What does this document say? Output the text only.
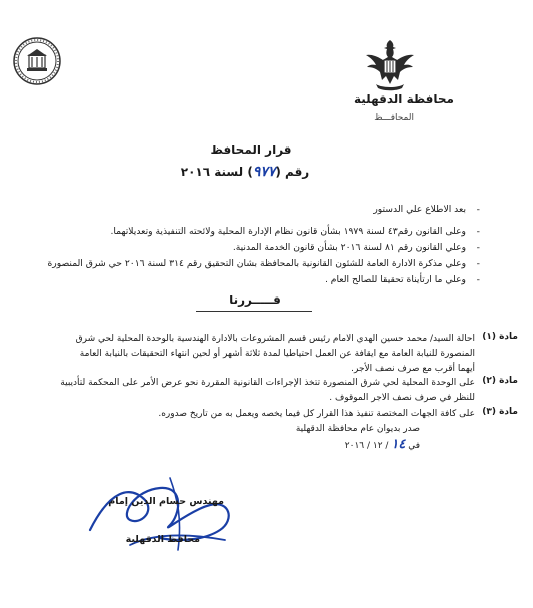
محافظة الدقهلية
المحافـــظ
قرار المحافظ
رقم (٩٧٧) لسنة ٢٠١٦

-
بعد الاطلاع علي الدستور

-
وعلى القانون رقم٤٣ لسنة ١٩٧٩ بشأن قانون نظام الإدارة المحلية ولائحته التنفيذية وتعديلاتهما.

-
وعلي القانون رقم ٨١ لسنة ٢٠١٦ بشأن قانون الخدمة المدنية.

-
وعلي مذكرة الادارة العامة للشئون القانونية بالمحافظة بشان التحقيق رقم ٣١٤ لسنة ٢٠١٦ حي شرق المنصورة

-
وعلي ما ارتأيناة تحقيقا للصالح العام .

قـــــررنا
مادة (١)
احالة السيد/ محمد حسين الهدي الامام رئيس قسم المشروعات بالادارة الهندسية بالوحدة المحلية لحي شرق
المنصورة للنيابة العامة مع ايقافة عن العمل احتياطيا لمدة ثلاثة أشهر أو لحين انتهاء التحقيقات بالنيابة العامة
أيهما أقرب مع صرف نصف الأجر.
مادة (٢)
على الوحدة المحلية لحي شرق المنصورة تتخذ الإجراءات القانونية المقررة نحو عرض الأمر على المحكمة لتأديبية
للنظر في صرف نصف الاجر الموقوف .
مادة (٣)
على كافة الجهات المختصة تنفيذ هذا القرار كل فيما يخصه ويعمل به من تاريخ صدوره.
صدر بديوان عام محافظة الدقهلية
في ١٤ / ١٢ / ٢٠١٦
مهندس حسام الدين إمام
محافظ الدقهلية
